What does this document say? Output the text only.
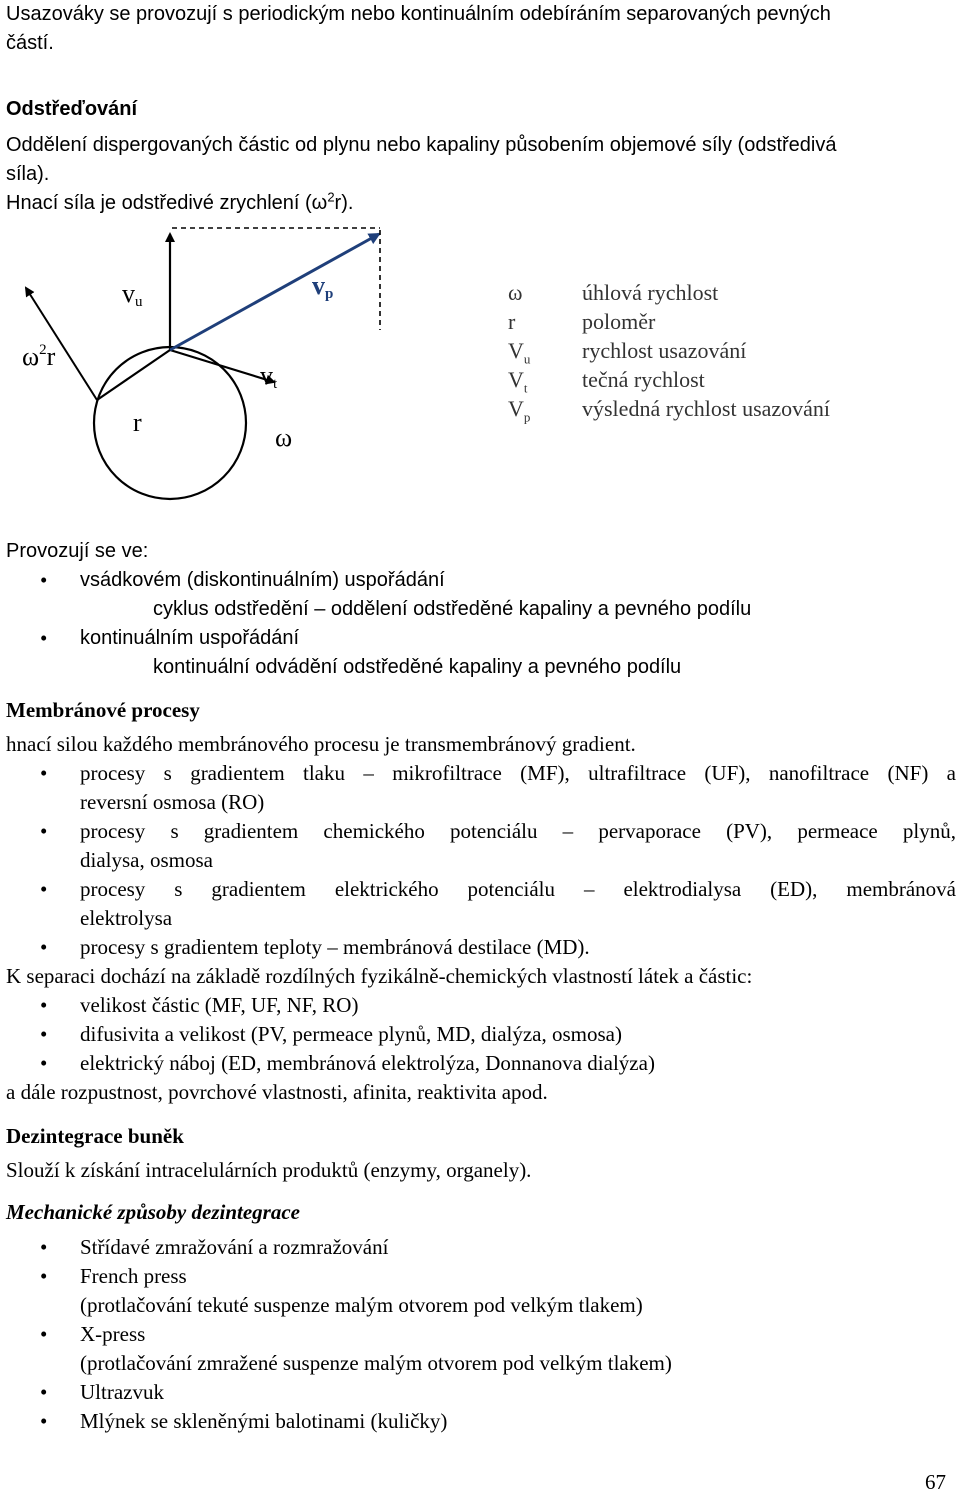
Usazováky se provozují s periodickým nebo kontinuálním odebíráním separovaných pevných
částí.
Odstřeďování
Oddělení dispergovaných částic od plynu nebo kapaliny působením objemové síly (odstředivá
síla).
Hnací síla je odstředivé zrychlení $(\omega^2r)$.
$\omega^2r$
vu
vp
vt
r
ω
ω	úhlová rychlost
r	poloměr
$V_u$ rychlost usazování
$V_t$ tečná rychlost
$V_p$ výsledná rychlost usazování
Provozují se ve:
• vsádkovém (diskontinuálním) uspořádání
cyklus odstředění – oddělení odstředěné kapaliny a pevného podílu
• kontinuálním uspořádání
kontinuální odvádění odstředěné kapaliny a pevného podílu
Membránové procesy
hnací silou každého membránového procesu je transmembránový gradient.
• procesy s gradientem tlaku – mikrofiltrace (MF), ultrafiltrace (UF), nanofiltrace (NF) a
reversní osmosa (RO)
• procesy s gradientem chemického potenciálu – pervaporace (PV), permeace plynů,
dialysa, osmosa
• procesy s gradientem elektrického potenciálu – elektrodialysa (ED), membránová
elektrolysa
• procesy s gradientem teploty – membránová destilace (MD).
K separaci dochází na základě rozdílných fyzikálně-chemických vlastností látek a částic:
• velikost částic (MF, UF, NF, RO)
• difusivita a velikost (PV, permeace plynů, MD, dialýza, osmosa)
• elektrický náboj (ED, membránová elektrolýza, Donnanova dialýza)
a dále rozpustnost, povrchové vlastnosti, afinita, reaktivita apod.
Dezintegrace buněk
Slouží k získání intracelulárních produktů (enzymy, organely).
Mechanické způsoby dezintegrace
• Střídavé zmražování a rozmražování
• French press
(protlačování tekuté suspenze malým otvorem pod velkým tlakem)
• X-press
(protlačování zmražené suspenze malým otvorem pod velkým tlakem)
• Ultrazvuk
• Mlýnek se skleněnými balotinami (kuličky)
67
